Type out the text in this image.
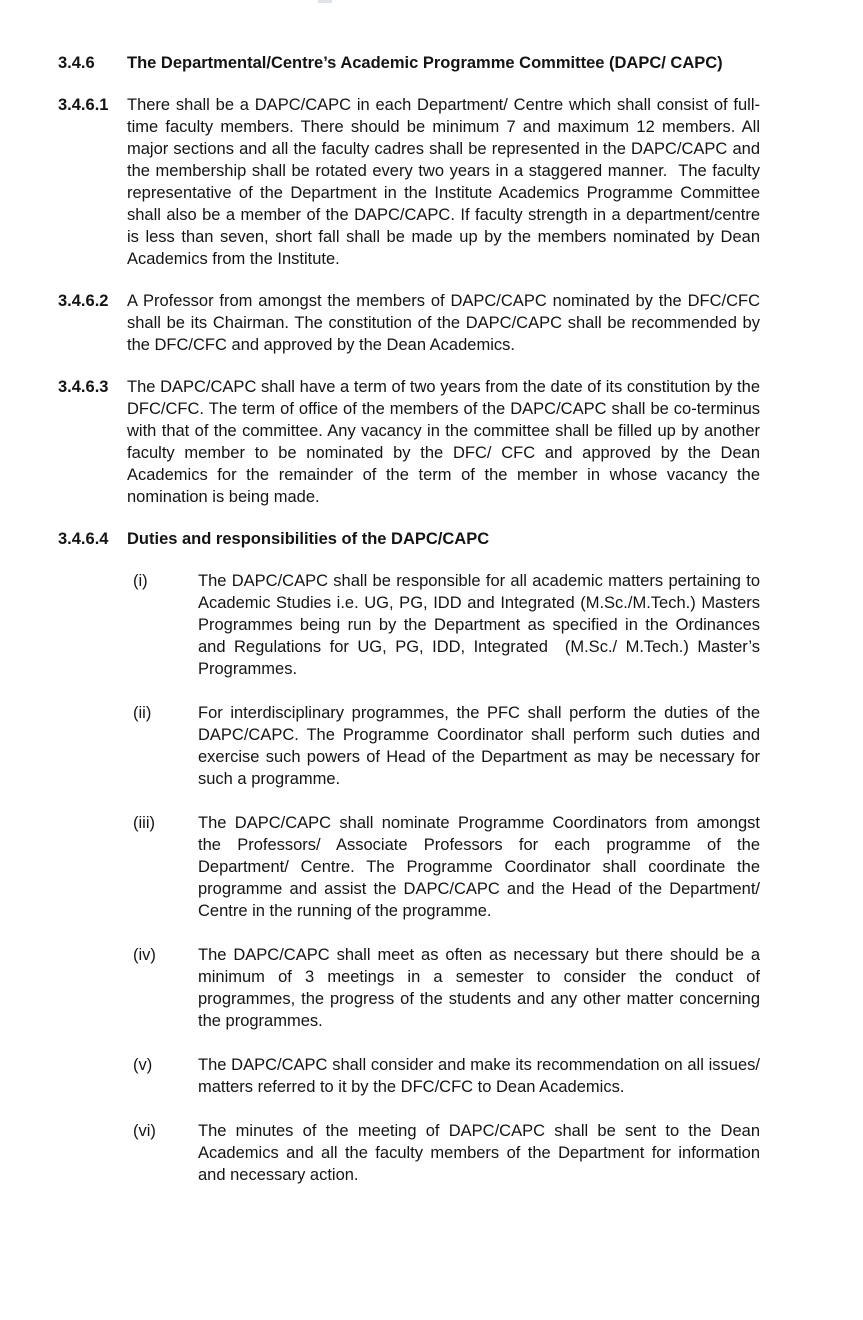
3.4.6	The Departmental/Centre’s Academic Programme Committee (DAPC/ CAPC)
3.4.6.1	There shall be a DAPC/CAPC in each Department/ Centre which shall consist of full-time faculty members. There should be minimum 7 and maximum 12 members. All major sections and all the faculty cadres shall be represented in the DAPC/CAPC and the membership shall be rotated every two years in a staggered manner.  The faculty representative of the Department in the Institute Academics Programme Committee shall also be a member of the DAPC/CAPC. If faculty strength in a department/centre is less than seven, short fall shall be made up by the members nominated by Dean Academics from the Institute.
3.4.6.2	A Professor from amongst the members of DAPC/CAPC nominated by the DFC/CFC shall be its Chairman. The constitution of the DAPC/CAPC shall be recommended by the DFC/CFC and approved by the Dean Academics.
3.4.6.3	The DAPC/CAPC shall have a term of two years from the date of its constitution by the DFC/CFC. The term of office of the members of the DAPC/CAPC shall be co-terminus with that of the committee. Any vacancy in the committee shall be filled up by another faculty member to be nominated by the DFC/ CFC and approved by the Dean Academics for the remainder of the term of the member in whose vacancy the nomination is being made.
3.4.6.4	Duties and responsibilities of the DAPC/CAPC
(i)	The DAPC/CAPC shall be responsible for all academic matters pertaining to Academic Studies i.e. UG, PG, IDD and Integrated (M.Sc./M.Tech.) Masters Programmes being run by the Department as specified in the Ordinances and Regulations for UG, PG, IDD, Integrated  (M.Sc./ M.Tech.) Master’s Programmes.
(ii)	For interdisciplinary programmes, the PFC shall perform the duties of the DAPC/CAPC. The Programme Coordinator shall perform such duties and exercise such powers of Head of the Department as may be necessary for such a programme.
(iii)	The DAPC/CAPC shall nominate Programme Coordinators from amongst the Professors/ Associate Professors for each programme of the Department/ Centre. The Programme Coordinator shall coordinate the programme and assist the DAPC/CAPC and the Head of the Department/ Centre in the running of the programme.
(iv)	The DAPC/CAPC shall meet as often as necessary but there should be a minimum of 3 meetings in a semester to consider the conduct of programmes, the progress of the students and any other matter concerning the programmes.
(v)	The DAPC/CAPC shall consider and make its recommendation on all issues/ matters referred to it by the DFC/CFC to Dean Academics.
(vi)	The minutes of the meeting of DAPC/CAPC shall be sent to the Dean Academics and all the faculty members of the Department for information and necessary action.
